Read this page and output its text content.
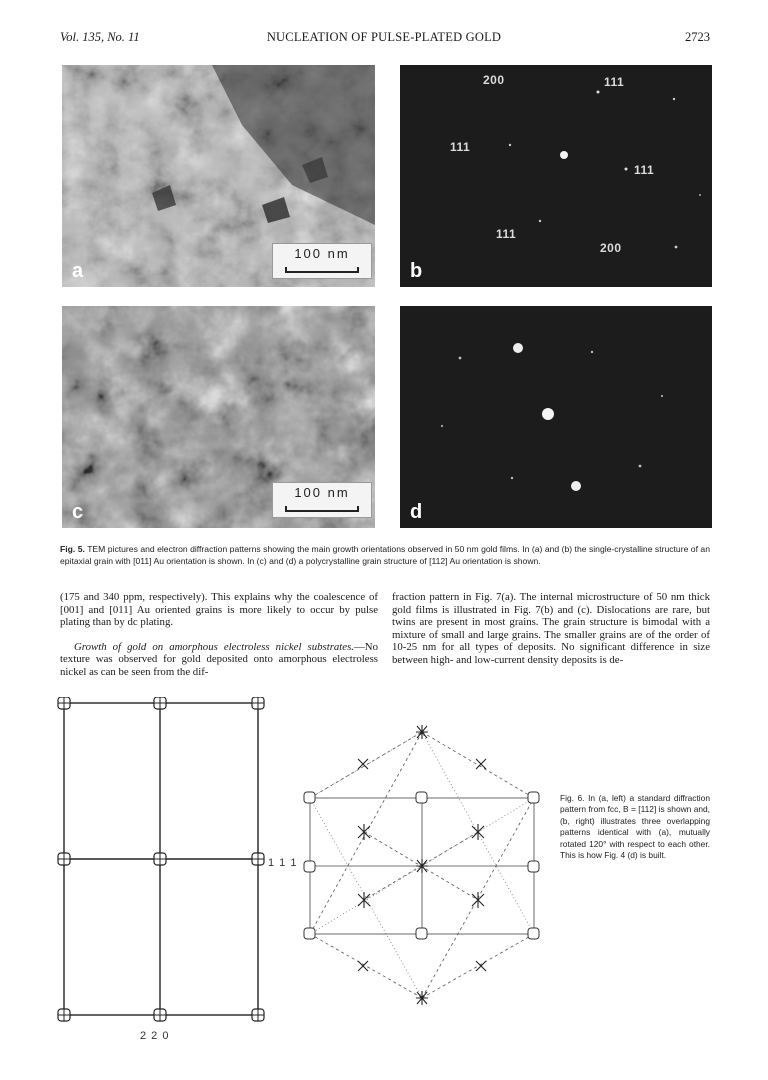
NUCLEATION OF PULSE-PLATED GOLD
Vol. 135, No. 11	2723
a
100 nm
200	111
111
111
111
200
b
c
100 nm
d
Fig. 5. TEM pictures and electron diffraction patterns showing the main growth orientations observed in 50 nm gold films. In (a) and (b) the single-crystalline structure of an epitaxial grain with [011] Au orientation is shown. In (c) and (d) a polycrystalline grain structure of [112] Au orientation is shown.

(175 and 340 ppm, respectively). This explains why the coalescence of [001] and [011] Au oriented grains is more likely to occur by pulse plating than by dc plating.

Growth of gold on amorphous electroless nickel substrates.—No texture was observed for gold deposited onto amorphous electroless nickel as can be seen from the dif-

fraction pattern in Fig. 7(a). The internal microstructure of 50 nm thick gold films is illustrated in Fig. 7(b) and (c). Dislocations are rare, but twins are present in most grains. The grain structure is bimodal with a mixture of small and large grains. The smaller grains are of the order of 10-25 nm for all types of deposits. No significant difference in size between high- and low-current density deposits is de-

1 1 1
2 2 0
Fig. 6. In (a, left) a standard diffraction pattern from fcc, B = [112] is shown and, (b, right) illustrates three overlapping patterns identical with (a), mutually rotated 120° with respect to each other. This is how Fig. 4 (d) is built.
